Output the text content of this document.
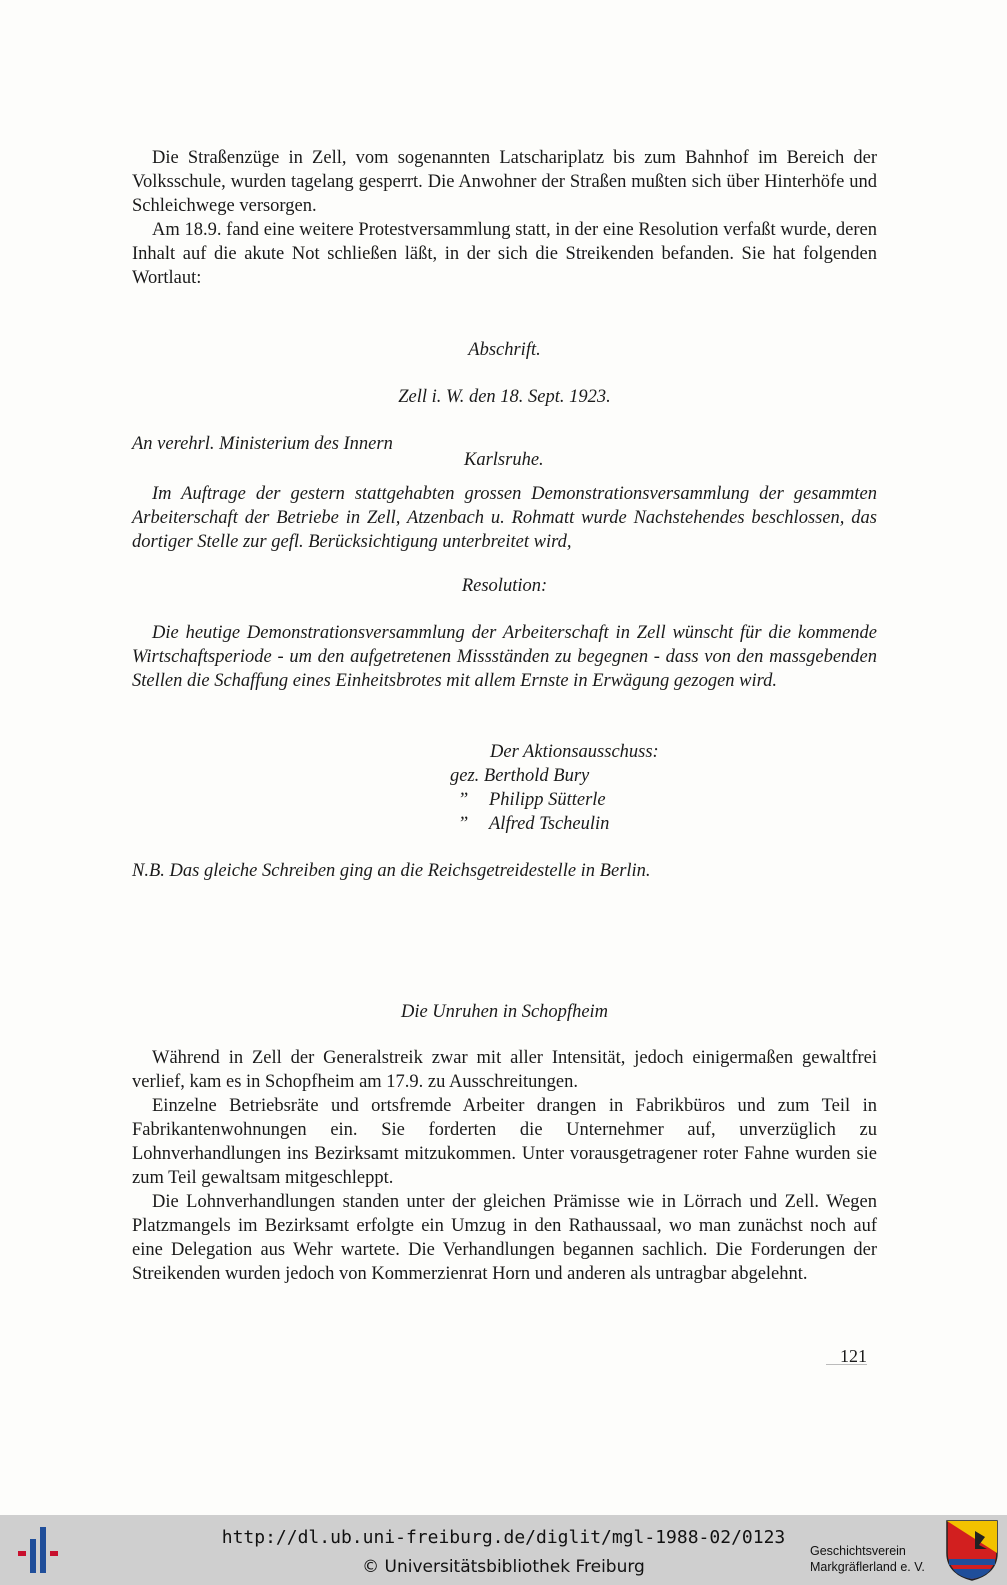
Die Straßenzüge in Zell, vom sogenannten Latschariplatz bis zum Bahnhof im Bereich der Volksschule, wurden tagelang gesperrt. Die Anwohner der Straßen mußten sich über Hinterhöfe und Schleichwege versorgen.

Am 18.9. fand eine weitere Protestversammlung statt, in der eine Resolution verfaßt wurde, deren Inhalt auf die akute Not schließen läßt, in der sich die Streikenden befanden. Sie hat folgenden Wortlaut:

Abschrift.
Zell i. W. den 18. Sept. 1923.
An verehrl. Ministerium des Innern
Karlsruhe.

Im Auftrage der gestern stattgehabten grossen Demonstrationsversammlung der gesammten Arbeiterschaft der Betriebe in Zell, Atzenbach u. Rohmatt wurde Nachstehendes beschlossen, das dortiger Stelle zur gefl. Berücksichtigung unterbreitet wird,

Resolution:

Die heutige Demonstrationsversammlung der Arbeiterschaft in Zell wünscht für die kommende Wirtschaftsperiode - um den aufgetretenen Missständen zu begegnen - dass von den massgebenden Stellen die Schaffung eines Einheitsbrotes mit allem Ernste in Erwägung gezogen wird.

Der Aktionsausschuss:
gez. Berthold Bury
” Philipp Sütterle
” Alfred Tscheulin
N.B. Das gleiche Schreiben ging an die Reichsgetreidestelle in Berlin.
Die Unruhen in Schopfheim

Während in Zell der Generalstreik zwar mit aller Intensität, jedoch einigermaßen gewaltfrei verlief, kam es in Schopfheim am 17.9. zu Ausschreitungen.

Einzelne Betriebsräte und ortsfremde Arbeiter drangen in Fabrikbüros und zum Teil in Fabrikantenwohnungen ein. Sie forderten die Unternehmer auf, unverzüglich zu Lohnverhandlungen ins Bezirksamt mitzukommen. Unter vorausgetragener roter Fahne wurden sie zum Teil gewaltsam mitgeschleppt.

Die Lohnverhandlungen standen unter der gleichen Prämisse wie in Lörrach und Zell. Wegen Platzmangels im Bezirksamt erfolgte ein Umzug in den Rathaussaal, wo man zunächst noch auf eine Delegation aus Wehr wartete. Die Verhandlungen begannen sachlich. Die Forderungen der Streikenden wurden jedoch von Kommerzienrat Horn und anderen als untragbar abgelehnt.

121
http://dl.ub.uni-freiburg.de/diglit/mgl-1988-02/0123
© Universitätsbibliothek Freiburg
Geschichtsverein
Markgräflerland e. V.
